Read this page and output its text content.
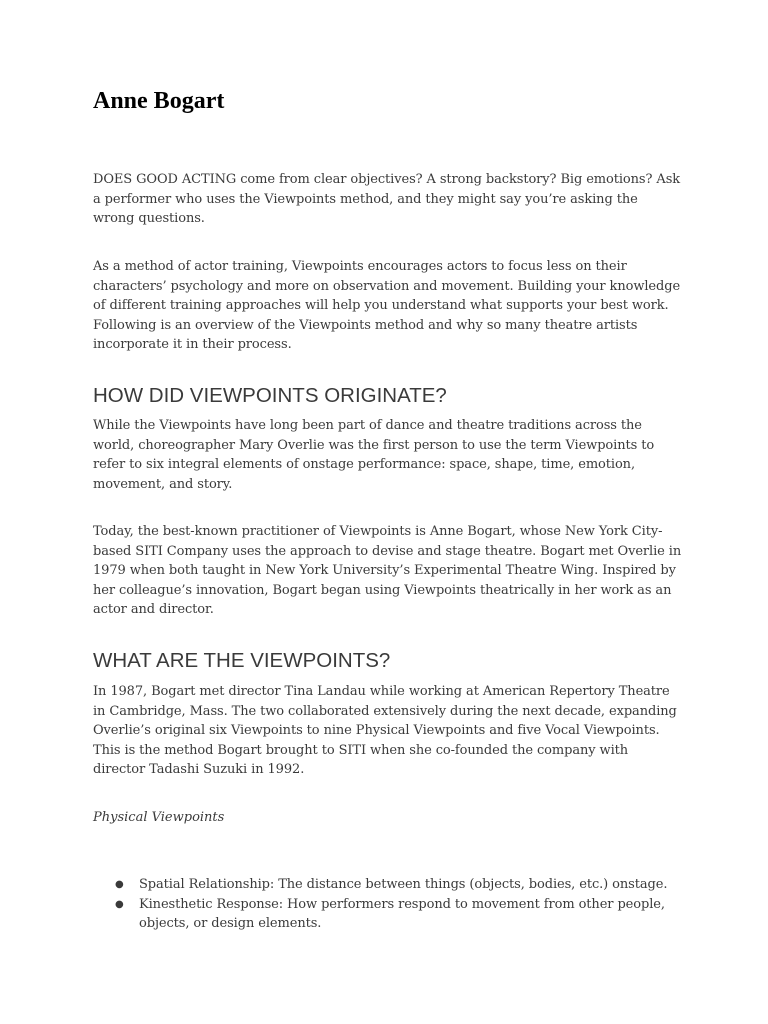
Anne Bogart

DOES GOOD ACTING come from clear objectives? A strong backstory? Big emotions? Ask a performer who uses the Viewpoints method, and they might say you’re asking the wrong questions.

As a method of actor training, Viewpoints encourages actors to focus less on their characters’ psychology and more on observation and movement. Building your knowledge of different training approaches will help you understand what supports your best work. Following is an overview of the Viewpoints method and why so many theatre artists incorporate it in their process.

HOW DID VIEWPOINTS ORIGINATE?

While the Viewpoints have long been part of dance and theatre traditions across the world, choreographer Mary Overlie was the first person to use the term Viewpoints to refer to six integral elements of onstage performance: space, shape, time, emotion, movement, and story.

Today, the best-known practitioner of Viewpoints is Anne Bogart, whose New York City-based SITI Company uses the approach to devise and stage theatre. Bogart met Overlie in 1979 when both taught in New York University’s Experimental Theatre Wing. Inspired by her colleague’s innovation, Bogart began using Viewpoints theatrically in her work as an actor and director.

WHAT ARE THE VIEWPOINTS?

In 1987, Bogart met director Tina Landau while working at American Repertory Theatre in Cambridge, Mass. The two collaborated extensively during the next decade, expanding Overlie’s original six Viewpoints to nine Physical Viewpoints and five Vocal Viewpoints. This is the method Bogart brought to SITI when she co-founded the company with director Tadashi Suzuki in 1992.

Physical Viewpoints

● Spatial Relationship: The distance between things (objects, bodies, etc.) onstage.
● Kinesthetic Response: How performers respond to movement from other people, objects, or design elements.
